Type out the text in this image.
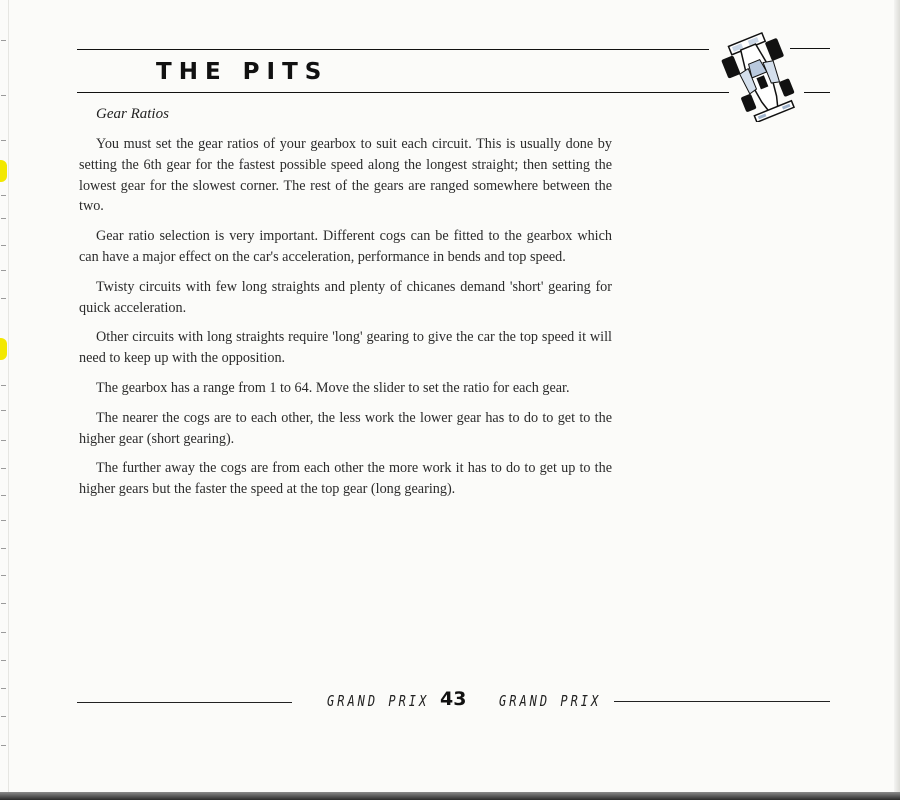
THE PITS
Gear Ratios

You must set the gear ratios of your gearbox to suit each circuit. This is usually done by setting the 6th gear for the fastest possible speed along the longest straight; then setting the lowest gear for the slowest corner. The rest of the gears are ranged somewhere between the two.

Gear ratio selection is very important. Different cogs can be fitted to the gearbox which can have a major effect on the car's acceleration, performance in bends and top speed.

Twisty circuits with few long straights and plenty of chicanes demand 'short' gearing for quick acceleration.

Other circuits with long straights require 'long' gearing to give the car the top speed it will need to keep up with the opposition.

The gearbox has a range from 1 to 64. Move the slider to set the ratio for each gear.

The nearer the cogs are to each other, the less work the lower gear has to do to get to the higher gear (short gearing).

The further away the cogs are from each other the more work it has to do to get up to the higher gears but the faster the speed at the top gear (long gearing).

GRAND PRIX 43	GRAND PRIX
